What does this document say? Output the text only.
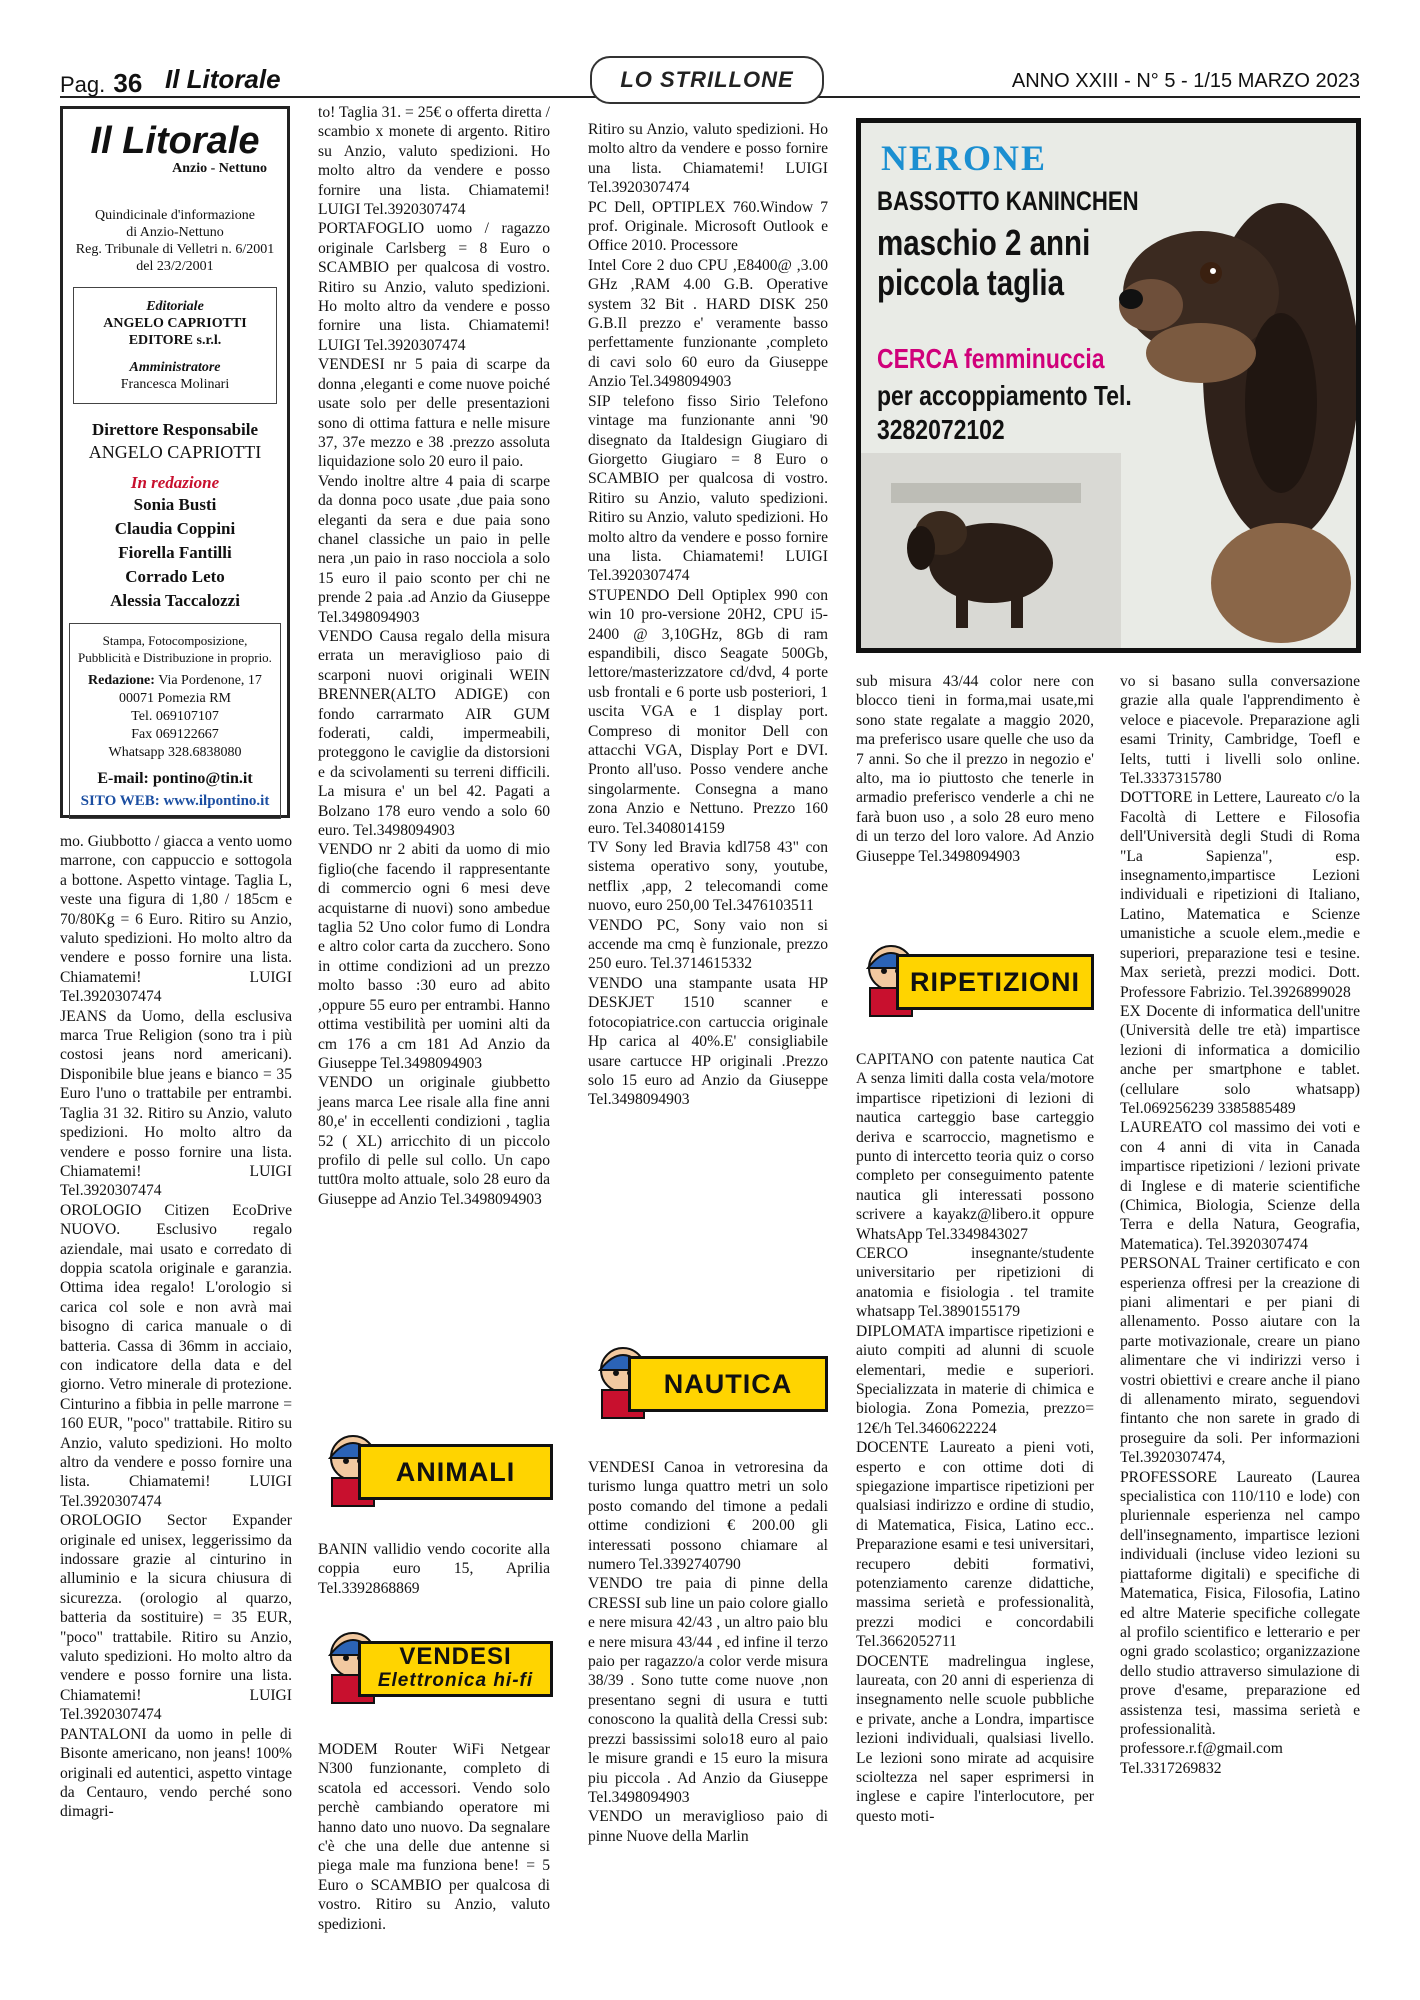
Pag. 36 Il Litorale	ANNO XXIII - N° 5 - 1/15 MARZO 2023
LO STRILLONE
Il Litorale
Anzio - Nettuno
Quindicinale d'informazione
di Anzio-Nettuno
Reg. Tribunale di Velletri n. 6/2001
del 23/2/2001
Editoriale
ANGELO CAPRIOTTI EDITORE s.r.l.
Amministratore
Francesca Molinari
Direttore Responsabile
ANGELO CAPRIOTTI
In redazione
Sonia Busti
Claudia Coppini
Fiorella Fantilli
Corrado Leto
Alessia Taccalozzi
Stampa, Fotocomposizione, Pubblicità e Distribuzione in proprio.
Redazione: Via Pordenone, 17
00071 Pomezia RM
Tel. 069107107
Fax 069122667
Whatsapp 328.6838080
E-mail: pontino@tin.it
SITO WEB: www.ilpontino.it

mo. Giubbotto / giacca a vento uomo marrone, con cappuccio e sottogola a bottone. Aspetto vintage. Taglia L, veste una figura di 1,80 / 185cm e 70/80Kg = 6 Euro. Ritiro su Anzio, valuto spedizioni. Ho molto altro da vendere e posso fornire una lista. Chiamatemi! LUIGI Tel.3920307474

JEANS da Uomo, della esclusiva marca True Religion (sono tra i più costosi jeans nord americani). Disponibile blue jeans e bianco = 35 Euro l'uno o trattabile per entrambi. Taglia 31 32. Ritiro su Anzio, valuto spedizioni. Ho molto altro da vendere e posso fornire una lista. Chiamatemi! LUIGI Tel.3920307474

OROLOGIO Citizen EcoDrive NUOVO. Esclusivo regalo aziendale, mai usato e corredato di doppia scatola originale e garanzia. Ottima idea regalo! L'orologio si carica col sole e non avrà mai bisogno di carica manuale o di batteria. Cassa di 36mm in acciaio, con indicatore della data e del giorno. Vetro minerale di protezione. Cinturino a fibbia in pelle marrone = 160 EUR, "poco" trattabile. Ritiro su Anzio, valuto spedizioni. Ho molto altro da vendere e posso fornire una lista. Chiamatemi! LUIGI Tel.3920307474

OROLOGIO Sector Expander originale ed unisex, leggerissimo da indossare grazie al cinturino in alluminio e la sicura chiusura di sicurezza. (orologio al quarzo, batteria da sostituire) = 35 EUR, "poco" trattabile. Ritiro su Anzio, valuto spedizioni. Ho molto altro da vendere e posso fornire una lista. Chiamatemi! LUIGI Tel.3920307474

PANTALONI da uomo in pelle di Bisonte americano, non jeans! 100% originali ed autentici, aspetto vintage da Centauro, vendo perché sono dimagri-

to! Taglia 31. = 25€ o offerta diretta / scambio x monete di argento. Ritiro su Anzio, valuto spedizioni. Ho molto altro da vendere e posso fornire una lista. Chiamatemi! LUIGI Tel.3920307474

PORTAFOGLIO uomo / ragazzo originale Carlsberg = 8 Euro o SCAMBIO per qualcosa di vostro. Ritiro su Anzio, valuto spedizioni. Ho molto altro da vendere e posso fornire una lista. Chiamatemi! LUIGI Tel.3920307474

VENDESI nr 5 paia di scarpe da donna ,eleganti e come nuove poiché usate solo per delle presentazioni sono di ottima fattura e nelle misure 37, 37e mezzo e 38 .prezzo assoluta liquidazione solo 20 euro il paio.

Vendo inoltre altre 4 paia di scarpe da donna poco usate ,due paia sono eleganti da sera e due paia sono chanel classiche un paio in pelle nera ,un paio in raso nocciola a solo 15 euro il paio sconto per chi ne prende 2 paia .ad Anzio da Giuseppe Tel.3498094903

VENDO Causa regalo della misura errata un meraviglioso paio di scarponi nuovi originali WEIN BRENNER(ALTO ADIGE) con fondo carrarmato AIR GUM foderati, caldi, impermeabili, proteggono le caviglie da distorsioni e da scivolamenti su terreni difficili. La misura e' un bel 42. Pagati a Bolzano 178 euro vendo a solo 60 euro. Tel.3498094903

VENDO nr 2 abiti da uomo di mio figlio(che facendo il rappresentante di commercio ogni 6 mesi deve acquistarne di nuovi) sono ambedue taglia 52 Uno color fumo di Londra e altro color carta da zucchero. Sono in ottime condizioni ad un prezzo molto basso :30 euro ad abito ,oppure 55 euro per entrambi. Hanno ottima vestibilità per uomini alti da cm 176 a cm 181 Ad Anzio da Giuseppe Tel.3498094903

VENDO un originale giubbetto jeans marca Lee risale alla fine anni 80,e' in eccellenti condizioni , taglia 52 ( XL) arricchito di un piccolo profilo di pelle sul collo. Un capo tutt0ra molto attuale, solo 28 euro da Giuseppe ad Anzio Tel.3498094903

ANIMALI

BANIN vallidio vendo cocorite alla coppia euro 15, Aprilia Tel.3392868869

VENDESI
Elettronica hi-fi

MODEM Router WiFi Netgear N300 funzionante, completo di scatola ed accessori. Vendo solo perchè cambiando operatore mi hanno dato uno nuovo. Da segnalare c'è che una delle due antenne si piega male ma funziona bene! = 5 Euro o SCAMBIO per qualcosa di vostro. Ritiro su Anzio, valuto spedizioni.

Ritiro su Anzio, valuto spedizioni. Ho molto altro da vendere e posso fornire una lista. Chiamatemi! LUIGI Tel.3920307474

PC Dell, OPTIPLEX 760.Window 7 prof. Originale. Microsoft Outlook e Office 2010. Processore

Intel Core 2 duo CPU ,E8400@ ,3.00 GHz ,RAM 4.00 G.B. Operative system 32 Bit . HARD DISK 250 G.B.Il prezzo e' veramente basso perfettamente funzionante ,completo di cavi solo 60 euro da Giuseppe Anzio Tel.3498094903

SIP telefono fisso Sirio Telefono vintage ma funzionante anni '90 disegnato da Italdesign Giugiaro di Giorgetto Giugiaro = 8 Euro o SCAMBIO per qualcosa di vostro. Ritiro su Anzio, valuto spedizioni. Ritiro su Anzio, valuto spedizioni. Ho molto altro da vendere e posso fornire una lista. Chiamatemi! LUIGI Tel.3920307474

STUPENDO Dell Optiplex 990 con win 10 pro-versione 20H2, CPU i5-2400 @ 3,10GHz, 8Gb di ram espandibili, disco Seagate 500Gb, lettore/masterizzatore cd/dvd, 4 porte usb frontali e 6 porte usb posteriori, 1 uscita VGA e 1 display port. Compreso di monitor Dell con attacchi VGA, Display Port e DVI. Pronto all'uso. Posso vendere anche singolarmente. Consegna a mano zona Anzio e Nettuno. Prezzo 160 euro. Tel.3408014159

TV Sony led Bravia kdl758 43" con sistema operativo sony, youtube, netflix ,app, 2 telecomandi come nuovo, euro 250,00 Tel.3476103511

VENDO PC, Sony vaio non si accende ma cmq è funzionale, prezzo 250 euro. Tel.3714615332

VENDO una stampante usata HP DESKJET 1510 scanner e fotocopiatrice.con cartuccia originale Hp carica al 40%.E' consigliabile usare cartucce HP originali .Prezzo solo 15 euro ad Anzio da Giuseppe Tel.3498094903

NAUTICA

VENDESI Canoa in vetroresina da turismo lunga quattro metri un solo posto comando del timone a pedali ottime condizioni € 200.00 gli interessati possono chiamare al numero Tel.3392740790

VENDO tre paia di pinne della CRESSI sub line un paio colore giallo e nere misura 42/43 , un altro paio blu e nere misura 43/44 , ed infine il terzo paio per ragazzo/a color verde misura 38/39 . Sono tutte come nuove ,non presentano segni di usura e tutti conoscono la qualità della Cressi sub: prezzi bassissimi solo18 euro al paio le misure grandi e 15 euro la misura piu piccola . Ad Anzio da Giuseppe Tel.3498094903

VENDO un meraviglioso paio di pinne Nuove della Marlin

NERONE
BASSOTTO KANINCHEN
maschio 2 anni piccola taglia
CERCA femminuccia
per accoppiamento Tel. 3282072102

sub misura 43/44 color nere con blocco tieni in forma,mai usate,mi sono state regalate a maggio 2020, ma preferisco usare quelle che uso da 7 anni. So che il prezzo in negozio e' alto, ma io piuttosto che tenerle in armadio preferisco venderle a chi ne farà buon uso , a solo 28 euro meno di un terzo del loro valore. Ad Anzio Giuseppe Tel.3498094903

RIPETIZIONI

CAPITANO con patente nautica Cat A senza limiti dalla costa vela/motore impartisce ripetizioni di lezioni di nautica carteggio base carteggio deriva e scarroccio, magnetismo e punto di intercetto teoria quiz o corso completo per conseguimento patente nautica gli interessati possono scrivere a kayakz@libero.it oppure WhatsApp Tel.3349843027

CERCO insegnante/studente universitario per ripetizioni di anatomia e fisiologia . tel tramite whatsapp Tel.3890155179

DIPLOMATA impartisce ripetizioni e aiuto compiti ad alunni di scuole elementari, medie e superiori. Specializzata in materie di chimica e biologia. Zona Pomezia, prezzo= 12€/h Tel.3460622224

DOCENTE Laureato a pieni voti, esperto e con ottime doti di spiegazione impartisce ripetizioni per qualsiasi indirizzo e ordine di studio, di Matematica, Fisica, Latino ecc.. Preparazione esami e tesi universitari, recupero debiti formativi, potenziamento carenze didattiche, massima serietà e professionalità, prezzi modici e concordabili Tel.3662052711

DOCENTE madrelingua inglese, laureata, con 20 anni di esperienza di insegnamento nelle scuole pubbliche e private, anche a Londra, impartisce lezioni individuali, qualsiasi livello. Le lezioni sono mirate ad acquisire scioltezza nel saper esprimersi in inglese e capire l'interlocutore, per questo moti-

vo si basano sulla conversazione grazie alla quale l'apprendimento è veloce e piacevole. Preparazione agli esami Trinity, Cambridge, Toefl e Ielts, tutti i livelli solo online. Tel.3337315780

DOTTORE in Lettere, Laureato c/o la Facoltà di Lettere e Filosofia dell'Università degli Studi di Roma "La Sapienza", esp. insegnamento,impartisce Lezioni individuali e ripetizioni di Italiano, Latino, Matematica e Scienze umanistiche a scuole elem.,medie e superiori, preparazione tesi e tesine. Max serietà, prezzi modici. Dott. Professore Fabrizio. Tel.3926899028

EX Docente di informatica dell'unitre (Università delle tre età) impartisce lezioni di informatica a domicilio anche per smartphone e tablet.(cellulare solo whatsapp) Tel.069256239 3385885489

LAUREATO col massimo dei voti e con 4 anni di vita in Canada impartisce ripetizioni / lezioni private di Inglese e di materie scientifiche (Chimica, Biologia, Scienze della Terra e della Natura, Geografia, Matematica). Tel.3920307474

PERSONAL Trainer certificato e con esperienza offresi per la creazione di piani alimentari e per piani di allenamento. Posso aiutare con la parte motivazionale, creare un piano alimentare che vi indirizzi verso i vostri obiettivi e creare anche il piano di allenamento mirato, seguendovi fintanto che non sarete in grado di proseguire da soli. Per informazioni Tel.3920307474,

PROFESSORE Laureato (Laurea specialistica con 110/110 e lode) con pluriennale esperienza nel campo dell'insegnamento, impartisce lezioni individuali (incluse video lezioni su piattaforme digitali) e specifiche di Matematica, Fisica, Filosofia, Latino ed altre Materie specifiche collegate al profilo scientifico e letterario e per ogni grado scolastico; organizzazione dello studio attraverso simulazione di prove d'esame, preparazione ed assistenza tesi, massima serietà e professionalità. professore.r.f@gmail.com Tel.3317269832
